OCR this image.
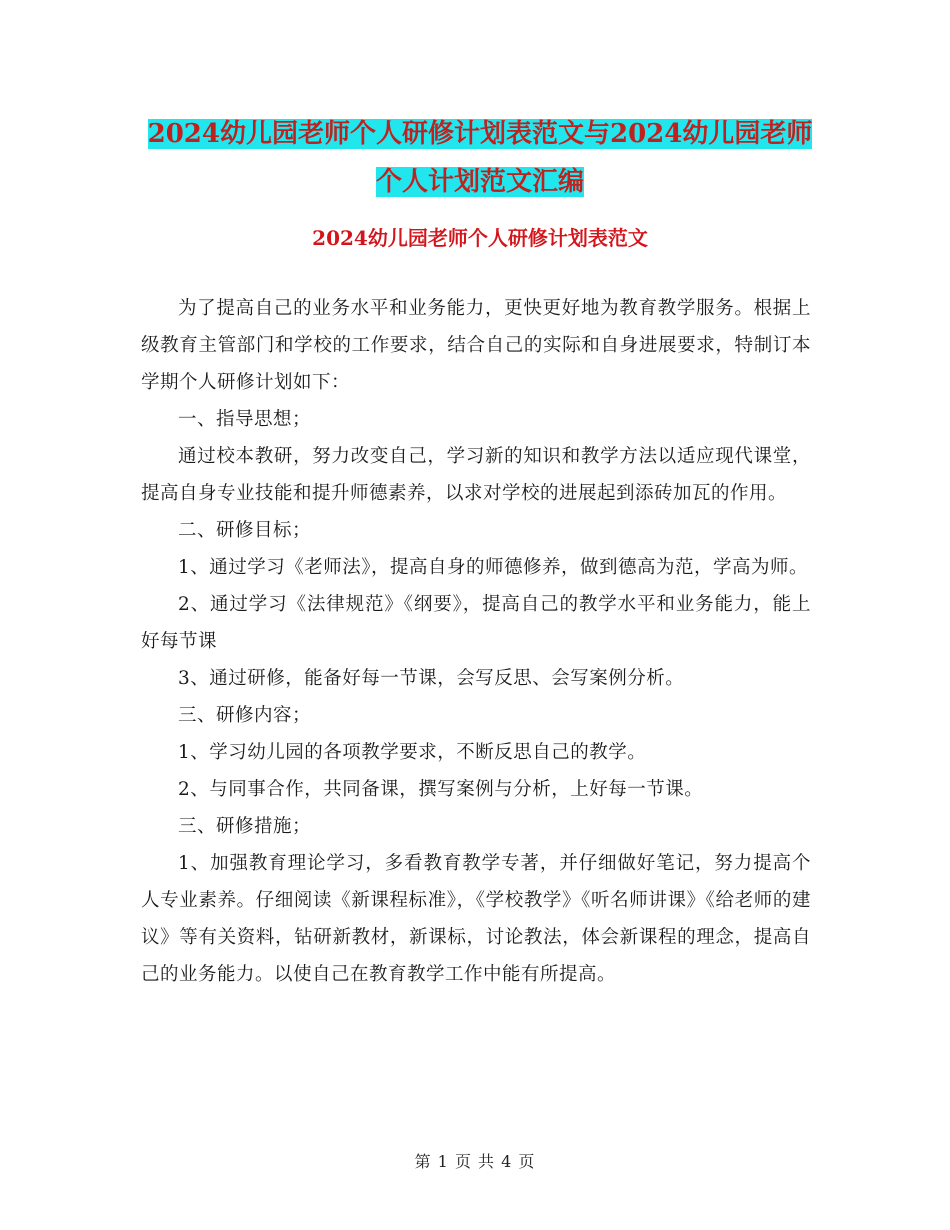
2024幼儿园老师个人研修计划表范文与2024幼儿园老师个人计划范文汇编
2024幼儿园老师个人研修计划表范文

为了提高自己的业务水平和业务能力，更快更好地为教育教学服务。根据上级教育主管部门和学校的工作要求，结合自己的实际和自身进展要求，特制订本学期个人研修计划如下：

一、指导思想；

通过校本教研，努力改变自己，学习新的知识和教学方法以适应现代课堂，提高自身专业技能和提升师德素养，以求对学校的进展起到添砖加瓦的作用。

二、研修目标；

1、通过学习《老师法》，提高自身的师德修养，做到德高为范，学高为师。

2、通过学习《法律规范》《纲要》，提高自己的教学水平和业务能力，能上好每节课

3、通过研修，能备好每一节课，会写反思、会写案例分析。

三、研修内容；

1、学习幼儿园的各项教学要求，不断反思自己的教学。

2、与同事合作，共同备课，撰写案例与分析，上好每一节课。

三、研修措施；

1、加强教育理论学习，多看教育教学专著，并仔细做好笔记，努力提高个人专业素养。仔细阅读《新课程标准》，《学校教学》《听名师讲课》《给老师的建议》等有关资料，钻研新教材，新课标，讨论教法，体会新课程的理念，提高自己的业务能力。以使自己在教育教学工作中能有所提高。

第 1 页 共 4 页
